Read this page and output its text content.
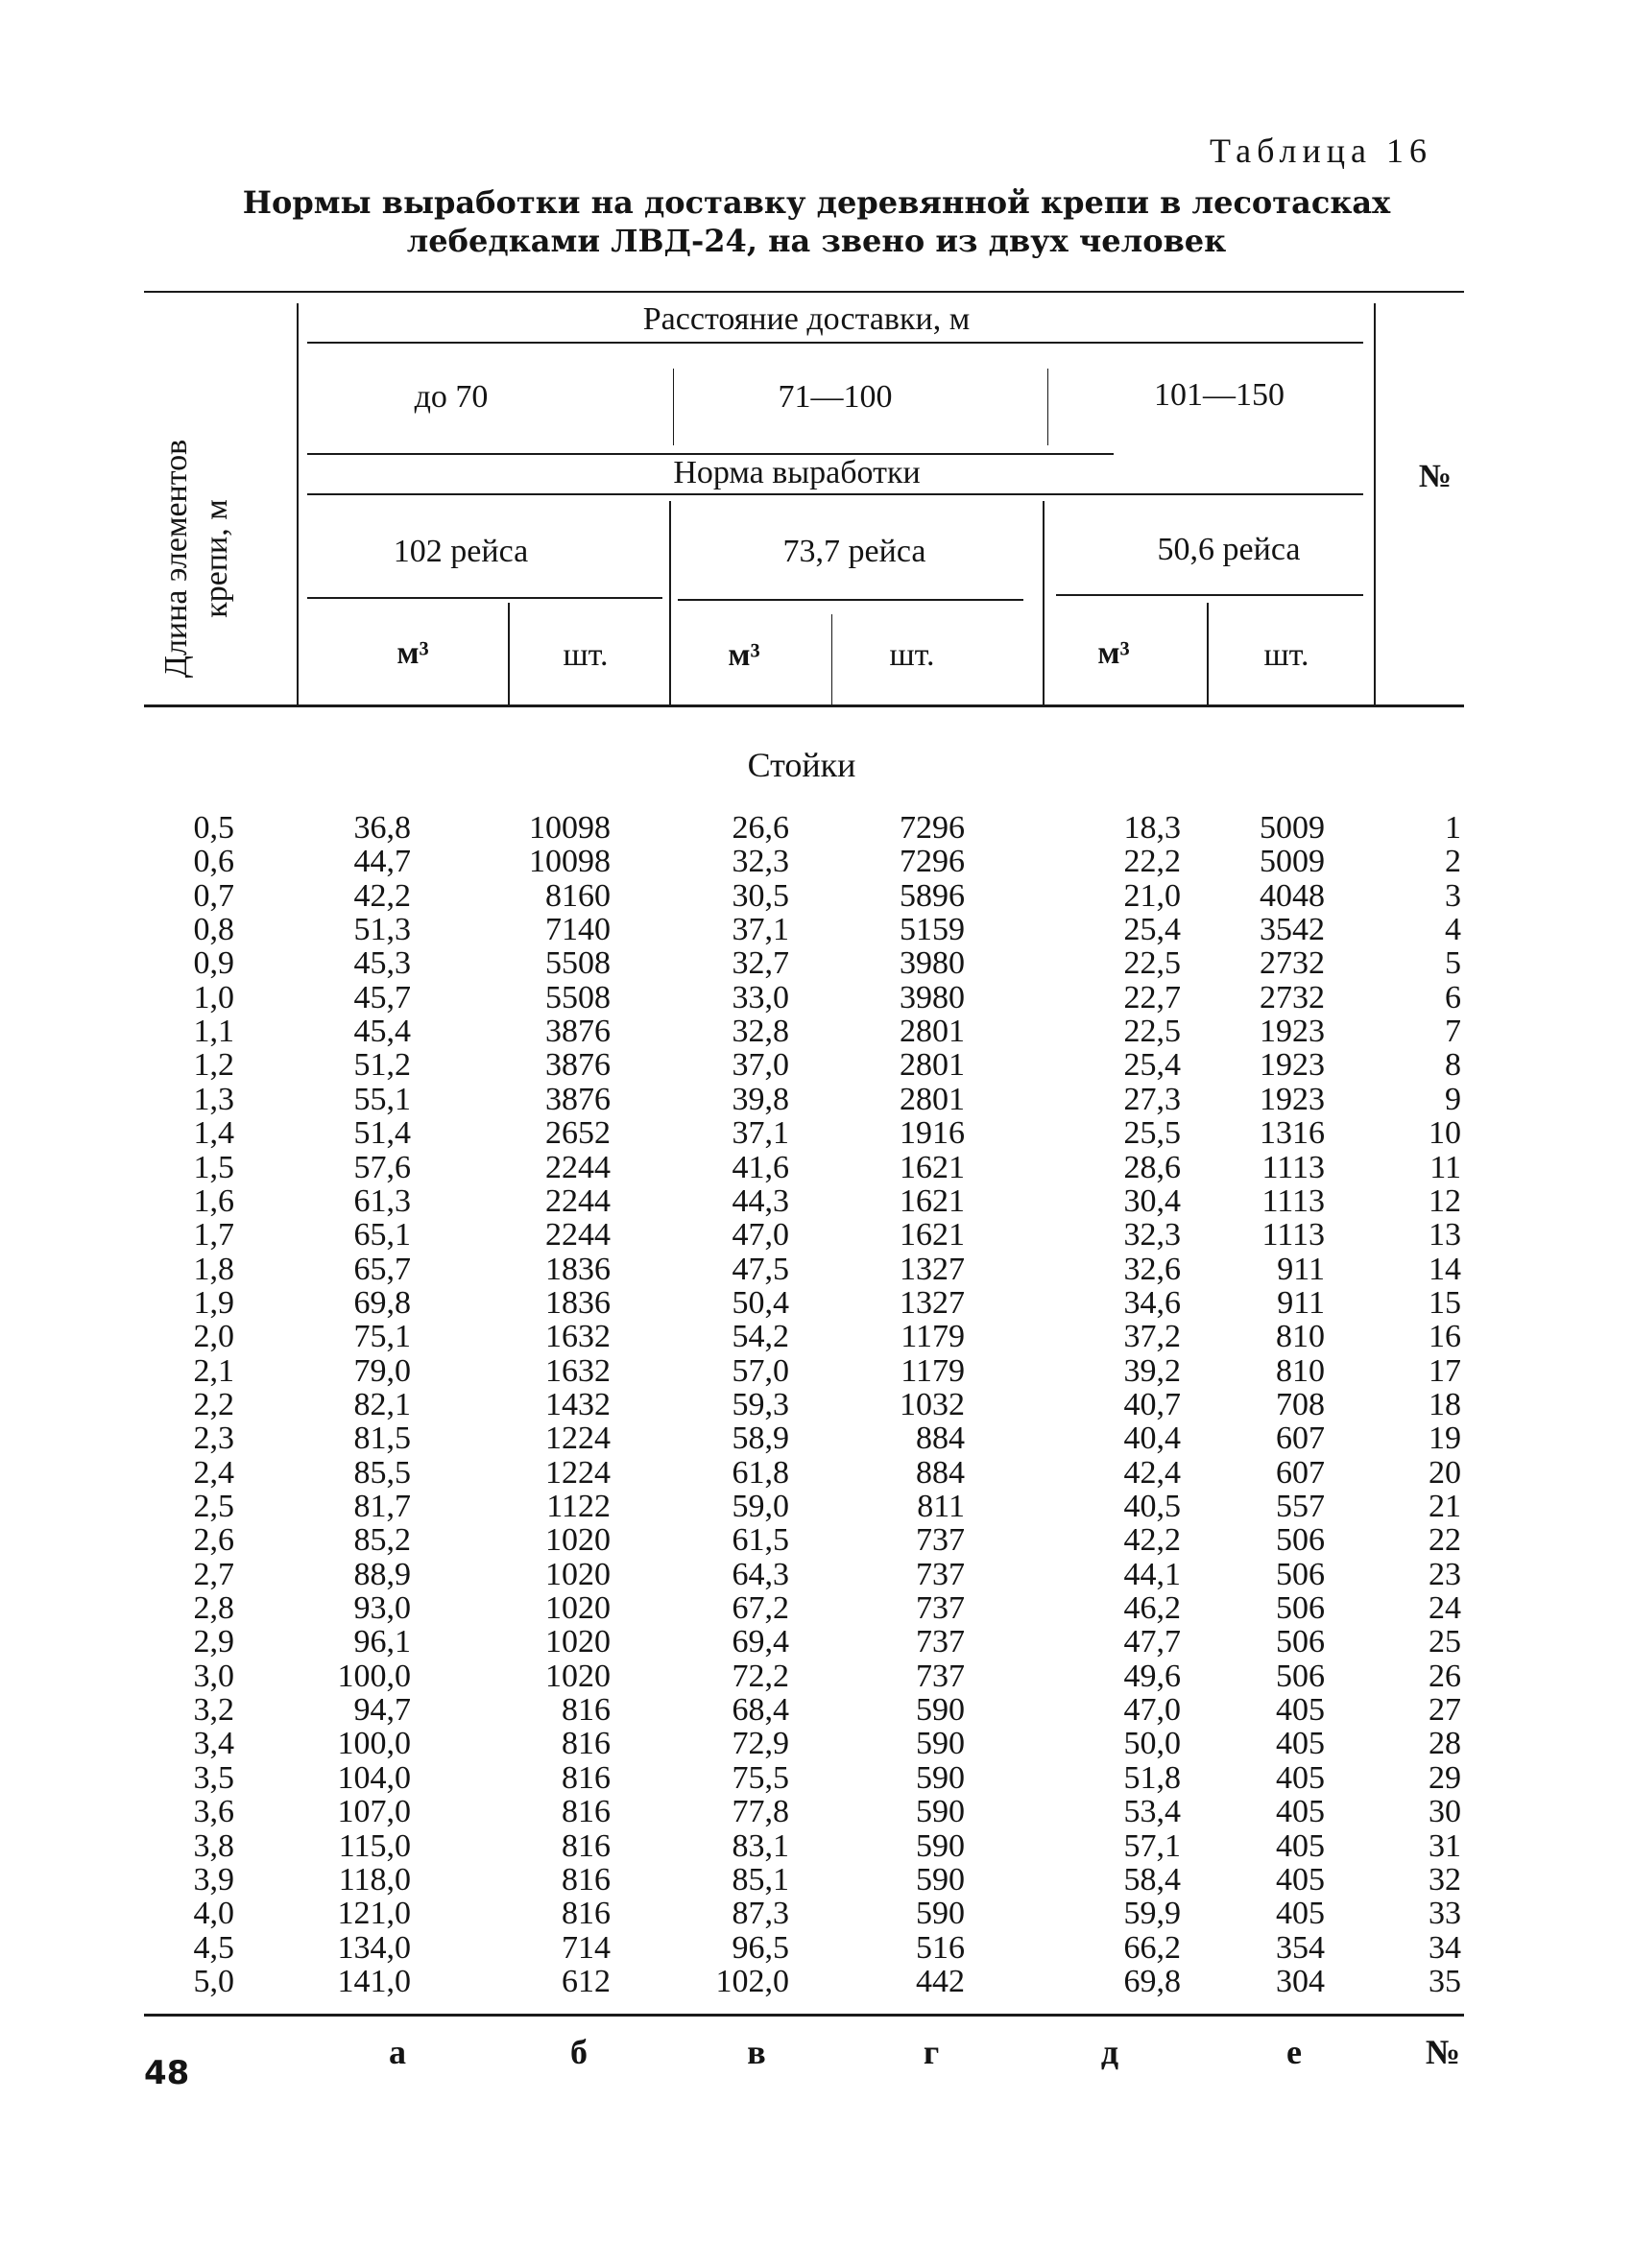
Таблица 16
Нормы выработки на доставку деревянной крепи в лесотасках
лебедками ЛВД-24, на звено из двух человек
Длина элементов крепи, м
Расстояние доставки, м
до 70	71—100	101—150
Норма выработки	№
102 рейса	73,7 рейса	50,6 рейса
м³	шт.	м³	шт.	м³	шт.
Стойки
0,5	36,8	10098	26,6	7296	18,3	5009	1
0,6	44,7	10098	32,3	7296	22,2	5009	2
0,7	42,2	8160	30,5	5896	21,0	4048	3
0,8	51,3	7140	37,1	5159	25,4	3542	4
0,9	45,3	5508	32,7	3980	22,5	2732	5
1,0	45,7	5508	33,0	3980	22,7	2732	6
1,1	45,4	3876	32,8	2801	22,5	1923	7
1,2	51,2	3876	37,0	2801	25,4	1923	8
1,3	55,1	3876	39,8	2801	27,3	1923	9
1,4	51,4	2652	37,1	1916	25,5	1316	10
1,5	57,6	2244	41,6	1621	28,6	1113	11
1,6	61,3	2244	44,3	1621	30,4	1113	12
1,7	65,1	2244	47,0	1621	32,3	1113	13
1,8	65,7	1836	47,5	1327	32,6	911	14
1,9	69,8	1836	50,4	1327	34,6	911	15
2,0	75,1	1632	54,2	1179	37,2	810	16
2,1	79,0	1632	57,0	1179	39,2	810	17
2,2	82,1	1432	59,3	1032	40,7	708	18
2,3	81,5	1224	58,9	884	40,4	607	19
2,4	85,5	1224	61,8	884	42,4	607	20
2,5	81,7	1122	59,0	811	40,5	557	21
2,6	85,2	1020	61,5	737	42,2	506	22
2,7	88,9	1020	64,3	737	44,1	506	23
2,8	93,0	1020	67,2	737	46,2	506	24
2,9	96,1	1020	69,4	737	47,7	506	25
3,0	100,0	1020	72,2	737	49,6	506	26
3,2	94,7	816	68,4	590	47,0	405	27
3,4	100,0	816	72,9	590	50,0	405	28
3,5	104,0	816	75,5	590	51,8	405	29
3,6	107,0	816	77,8	590	53,4	405	30
3,8	115,0	816	83,1	590	57,1	405	31
3,9	118,0	816	85,1	590	58,4	405	32
4,0	121,0	816	87,3	590	59,9	405	33
4,5	134,0	714	96,5	516	66,2	354	34
5,0	141,0	612	102,0	442	69,8	304	35
а	б	в	г	д	е	№
48
